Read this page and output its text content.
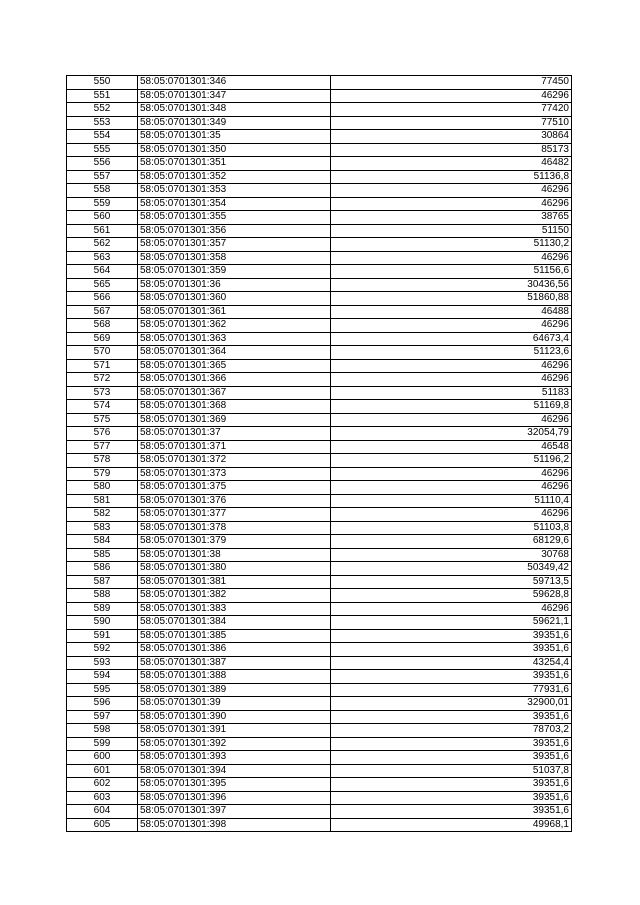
550	58:05:0701301:346	77450
551	58:05:0701301:347	46296
552	58:05:0701301:348	77420
553	58:05:0701301:349	77510
554	58:05:0701301:35	30864
555	58:05:0701301:350	85173
556	58:05:0701301:351	46482
557	58:05:0701301:352	51136,8
558	58:05:0701301:353	46296
559	58:05:0701301:354	46296
560	58:05:0701301:355	38765
561	58:05:0701301:356	51150
562	58:05:0701301:357	51130,2
563	58:05:0701301:358	46296
564	58:05:0701301:359	51156,6
565	58:05:0701301:36	30436,56
566	58:05:0701301:360	51860,88
567	58:05:0701301:361	46488
568	58:05:0701301:362	46296
569	58:05:0701301:363	64673,4
570	58:05:0701301:364	51123,6
571	58:05:0701301:365	46296
572	58:05:0701301:366	46296
573	58:05:0701301:367	51183
574	58:05:0701301:368	51169,8
575	58:05:0701301:369	46296
576	58:05:0701301:37	32054,79
577	58:05:0701301:371	46548
578	58:05:0701301:372	51196,2
579	58:05:0701301:373	46296
580	58:05:0701301:375	46296
581	58:05:0701301:376	51110,4
582	58:05:0701301:377	46296
583	58:05:0701301:378	51103,8
584	58:05:0701301:379	68129,6
585	58:05:0701301:38	30768
586	58:05:0701301:380	50349,42
587	58:05:0701301:381	59713,5
588	58:05:0701301:382	59628,8
589	58:05:0701301:383	46296
590	58:05:0701301:384	59621,1
591	58:05:0701301:385	39351,6
592	58:05:0701301:386	39351,6
593	58:05:0701301:387	43254,4
594	58:05:0701301:388	39351,6
595	58:05:0701301:389	77931,6
596	58:05:0701301:39	32900,01
597	58:05:0701301:390	39351,6
598	58:05:0701301:391	78703,2
599	58:05:0701301:392	39351,6
600	58:05:0701301:393	39351,6
601	58:05:0701301:394	51037,8
602	58:05:0701301:395	39351,6
603	58:05:0701301:396	39351,6
604	58:05:0701301:397	39351,6
605	58:05:0701301:398	49968,1
